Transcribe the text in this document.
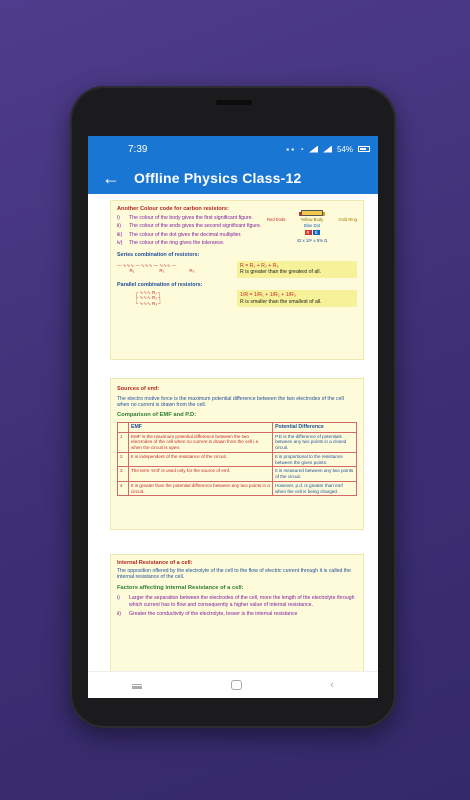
7:39	▪ ▪ ◔	54%
←	Offline Physics Class-12
Another Colour code for carbon resistors:
i)	The colour of the body gives the first significant figure.
ii)	The colour of the ends gives the second significant figure.
iii)	The colour of the dot gives the decimal multiplier.
iv)	The colour of the ring gives the tolerance.
Red Ends	Yellow Body	Gold Ring
Blue Dot
R B
42 x 10⁶ ± 5% Ω
Series combination of resistors:
— ∿∿∿ — ∿∿∿ — ∿∿∿ —
R₁	R₂	R₃
R = R₁ + R₂ + R₃
R is greater than the greatest of all.
Parallel combination of resistors:
┌ ∿∿∿ R₁ ┐
├ ∿∿∿ R₂ ┤
└ ∿∿∿ R₃ ┘
1/R = 1/R₁ + 1/R₂ + 1/R₃
R is smaller than the smallest of all.
Sources of emf:
The electro motive force is the maximum potential difference between the two electrodes of the cell when no current is drawn from the cell.
Comparison of EMF and P.D:
	EMF	Potential Difference
1	EMF is the maximum potential difference between the two electrodes of the cell when no current is drawn from the cell i.e. when the circuit is open.	P.D is the difference of potentials between any two points in a closed circuit.
2	It is independent of the resistance of the circuit.	It is proportional to the resistance between the given points.
3	The term 'emf' is used only for the source of emf.	It is measured between any two points of the circuit.
4	It is greater than the potential difference between any two points in a circuit.	However, p.d. is greater than emf when the cell is being charged.
Internal Resistance of a cell:
The opposition offered by the electrolyte of the cell to the flow of electric current through it is called the internal resistance of the cell.
Factors affecting internal Resistance of a cell:
i)	Larger the separation between the electrodes of the cell, more the length of the electrolyte through which current has to flow and consequently a higher value of internal resistance.
ii)	Greater the conductivity of the electrolyte, lesser is the internal resistance
‹
